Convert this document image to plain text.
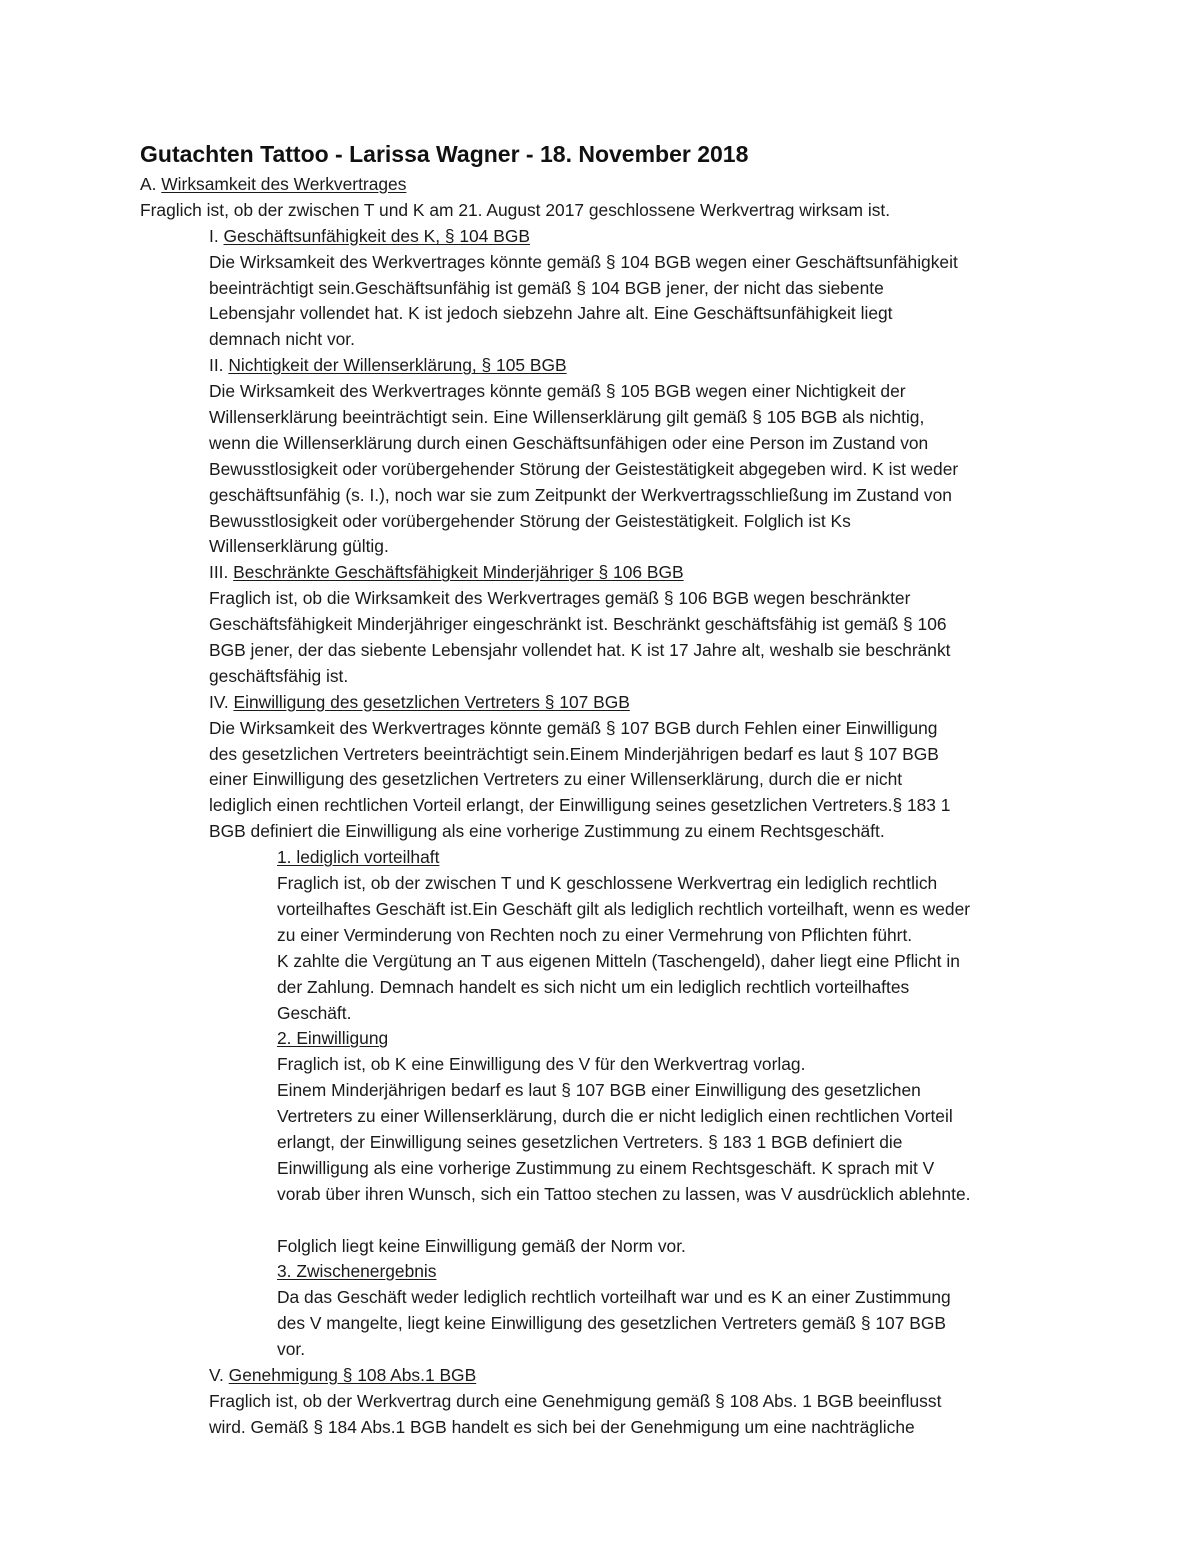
Gutachten Tattoo - Larissa Wagner - 18. November 2018

A. Wirksamkeit des Werkvertrages

Fraglich ist, ob der zwischen T und K am 21. August 2017 geschlossene Werkvertrag wirksam ist.

I. Geschäftsunfähigkeit des K, § 104 BGB

Die Wirksamkeit des Werkvertrages könnte gemäß § 104 BGB wegen einer Geschäftsunfähigkeit

beeinträchtigt sein.Geschäftsunfähig ist gemäß § 104 BGB jener, der nicht das siebente

Lebensjahr vollendet hat. K ist jedoch siebzehn Jahre alt. Eine Geschäftsunfähigkeit liegt

demnach nicht vor.

II. Nichtigkeit der Willenserklärung, § 105 BGB

Die Wirksamkeit des Werkvertrages könnte gemäß § 105 BGB wegen einer Nichtigkeit der

Willenserklärung beeinträchtigt sein. Eine Willenserklärung gilt gemäß § 105 BGB als nichtig,

wenn die Willenserklärung durch einen Geschäftsunfähigen oder eine Person im Zustand von

Bewusstlosigkeit oder vorübergehender Störung der Geistestätigkeit abgegeben wird. K ist weder

geschäftsunfähig (s. I.), noch war sie zum Zeitpunkt der Werkvertragsschließung im Zustand von

Bewusstlosigkeit oder vorübergehender Störung der Geistestätigkeit. Folglich ist Ks

Willenserklärung gültig.

III. Beschränkte Geschäftsfähigkeit Minderjähriger § 106 BGB

Fraglich ist, ob die Wirksamkeit des Werkvertrages gemäß § 106 BGB wegen beschränkter

Geschäftsfähigkeit Minderjähriger eingeschränkt ist. Beschränkt geschäftsfähig ist gemäß § 106

BGB jener, der das siebente Lebensjahr vollendet hat. K ist 17 Jahre alt, weshalb sie beschränkt

geschäftsfähig ist.

IV. Einwilligung des gesetzlichen Vertreters § 107 BGB

Die Wirksamkeit des Werkvertrages könnte gemäß § 107 BGB durch Fehlen einer Einwilligung

des gesetzlichen Vertreters beeinträchtigt sein.Einem Minderjährigen bedarf es laut § 107 BGB

einer Einwilligung des gesetzlichen Vertreters zu einer Willenserklärung, durch die er nicht

lediglich einen rechtlichen Vorteil erlangt, der Einwilligung seines gesetzlichen Vertreters.§ 183 1

BGB definiert die Einwilligung als eine vorherige Zustimmung zu einem Rechtsgeschäft.

1. lediglich vorteilhaft

Fraglich ist, ob der zwischen T und K geschlossene Werkvertrag ein lediglich rechtlich

vorteilhaftes Geschäft ist.Ein Geschäft gilt als lediglich rechtlich vorteilhaft, wenn es weder

zu einer Verminderung von Rechten noch zu einer Vermehrung von Pflichten führt.

K zahlte die Vergütung an T aus eigenen Mitteln (Taschengeld), daher liegt eine Pflicht in

der Zahlung. Demnach handelt es sich nicht um ein lediglich rechtlich vorteilhaftes

Geschäft.

2. Einwilligung

Fraglich ist, ob K eine Einwilligung des V für den Werkvertrag vorlag.

Einem Minderjährigen bedarf es laut § 107 BGB einer Einwilligung des gesetzlichen

Vertreters zu einer Willenserklärung, durch die er nicht lediglich einen rechtlichen Vorteil

erlangt, der Einwilligung seines gesetzlichen Vertreters. § 183 1 BGB definiert die

Einwilligung als eine vorherige Zustimmung zu einem Rechtsgeschäft. K sprach mit V

vorab über ihren Wunsch, sich ein Tattoo stechen zu lassen, was V ausdrücklich ablehnte.

Folglich liegt keine Einwilligung gemäß der Norm vor.

3. Zwischenergebnis

Da das Geschäft weder lediglich rechtlich vorteilhaft war und es K an einer Zustimmung

des V mangelte, liegt keine Einwilligung des gesetzlichen Vertreters gemäß § 107 BGB

vor.

V. Genehmigung § 108 Abs.1 BGB

Fraglich ist, ob der Werkvertrag durch eine Genehmigung gemäß § 108 Abs. 1 BGB beeinflusst

wird. Gemäß § 184 Abs.1 BGB handelt es sich bei der Genehmigung um eine nachträgliche
